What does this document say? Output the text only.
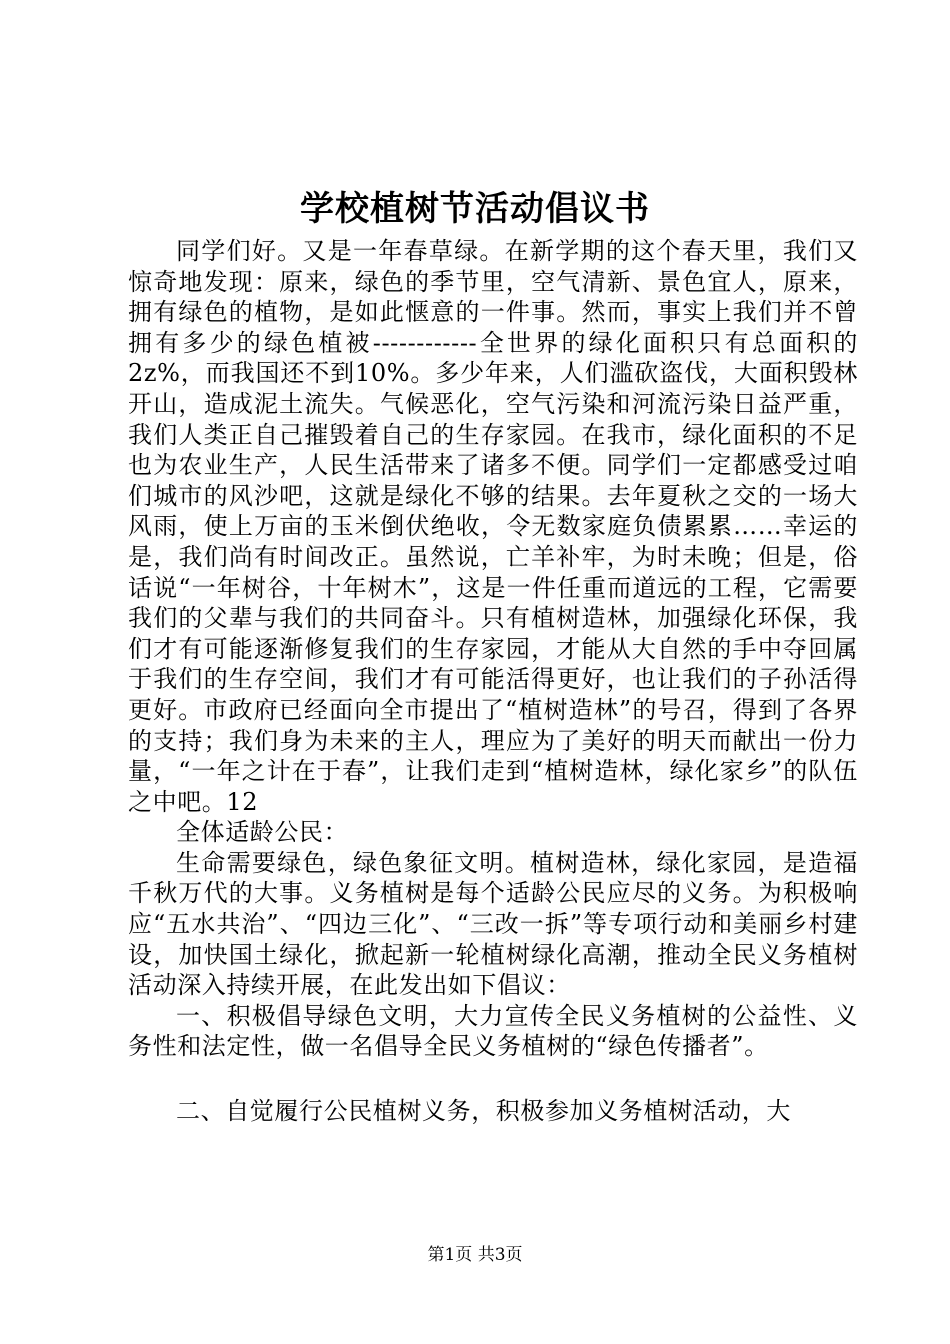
学校植树节活动倡议书

同学们好。又是一年春草绿。在新学期的这个春天里，我们又惊奇地发现：原来，绿色的季节里，空气清新、景色宜人，原来，拥有绿色的植物，是如此惬意的一件事。然而，事实上我们并不曾拥有多少的绿色植被------------全世界的绿化面积只有总面积的2z%，而我国还不到10%。多少年来，人们滥砍盗伐，大面积毁林开山，造成泥土流失。气候恶化，空气污染和河流污染日益严重，我们人类正自己摧毁着自己的生存家园。在我市，绿化面积的不足也为农业生产，人民生活带来了诸多不便。同学们一定都感受过咱们城市的风沙吧，这就是绿化不够的结果。去年夏秋之交的一场大风雨，使上万亩的玉米倒伏绝收，令无数家庭负债累累……幸运的是，我们尚有时间改正。虽然说，亡羊补牢，为时未晚；但是，俗话说“一年树谷，十年树木”，这是一件任重而道远的工程，它需要我们的父辈与我们的共同奋斗。只有植树造林，加强绿化环保，我们才有可能逐渐修复我们的生存家园，才能从大自然的手中夺回属于我们的生存空间，我们才有可能活得更好，也让我们的子孙活得更好。市政府已经面向全市提出了“植树造林”的号召，得到了各界的支持；我们身为未来的主人，理应为了美好的明天而献出一份力量，“一年之计在于春”，让我们走到“植树造林，绿化家乡”的队伍之中吧。12

全体适龄公民：

生命需要绿色，绿色象征文明。植树造林，绿化家园，是造福千秋万代的大事。义务植树是每个适龄公民应尽的义务。为积极响应“五水共治”、“四边三化”、“三改一拆”等专项行动和美丽乡村建设，加快国土绿化，掀起新一轮植树绿化高潮，推动全民义务植树活动深入持续开展，在此发出如下倡议：

一、积极倡导绿色文明，大力宣传全民义务植树的公益性、义务性和法定性，做一名倡导全民义务植树的“绿色传播者”。

二、自觉履行公民植树义务，积极参加义务植树活动，大

第1页 共3页
